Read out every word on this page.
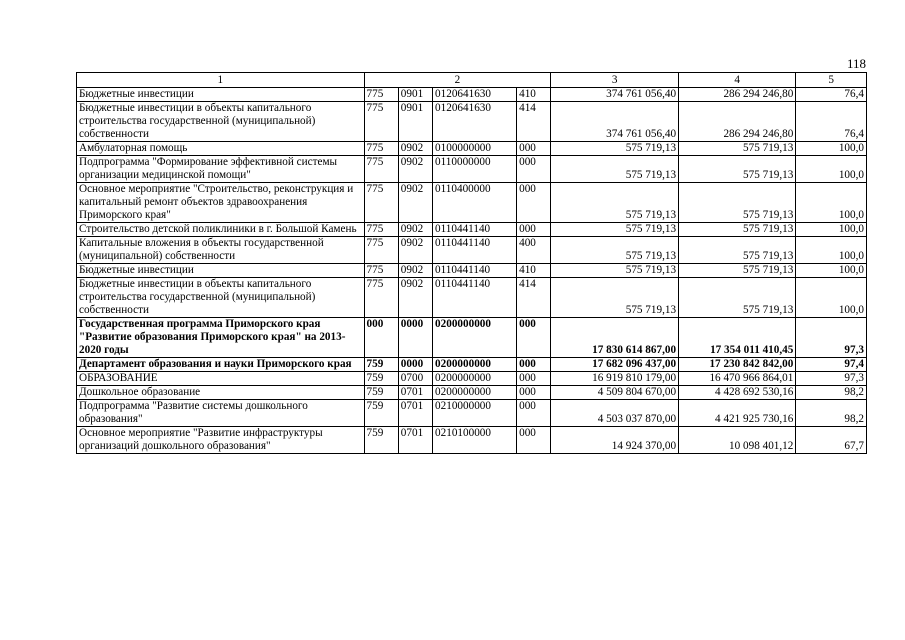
118
1	2				3	4	5
Бюджетные инвестиции	775	0901	0120641630	410	374 761 056,40	286 294 246,80	76,4
Бюджетные инвестиции в объекты капитального строительства государственной (муниципальной) собственности	775	0901	0120641630	414	374 761 056,40	286 294 246,80	76,4
Амбулаторная помощь	775	0902	0100000000	000	575 719,13	575 719,13	100,0
Подпрограмма "Формирование эффективной системы организации медицинской помощи"	775	0902	0110000000	000	575 719,13	575 719,13	100,0
Основное мероприятие "Строительство, реконструкция и капитальный ремонт объектов здравоохранения Приморского края"	775	0902	0110400000	000	575 719,13	575 719,13	100,0
Строительство детской поликлиники в г. Большой Камень	775	0902	0110441140	000	575 719,13	575 719,13	100,0
Капитальные вложения в объекты государственной (муниципальной) собственности	775	0902	0110441140	400	575 719,13	575 719,13	100,0
Бюджетные инвестиции	775	0902	0110441140	410	575 719,13	575 719,13	100,0
Бюджетные инвестиции в объекты капитального строительства государственной (муниципальной) собственности	775	0902	0110441140	414	575 719,13	575 719,13	100,0
Государственная программа Приморского края "Развитие образования Приморского края" на 2013-2020 годы	000	0000	0200000000	000	17 830 614 867,00	17 354 011 410,45	97,3
Департамент образования и науки Приморского края	759	0000	0200000000	000	17 682 096 437,00	17 230 842 842,00	97,4
ОБРАЗОВАНИЕ	759	0700	0200000000	000	16 919 810 179,00	16 470 966 864,01	97,3
Дошкольное образование	759	0701	0200000000	000	4 509 804 670,00	4 428 692 530,16	98,2
Подпрограмма "Развитие системы дошкольного образования"	759	0701	0210000000	000	4 503 037 870,00	4 421 925 730,16	98,2
Основное мероприятие "Развитие инфраструктуры организаций дошкольного образования"	759	0701	0210100000	000	14 924 370,00	10 098 401,12	67,7
